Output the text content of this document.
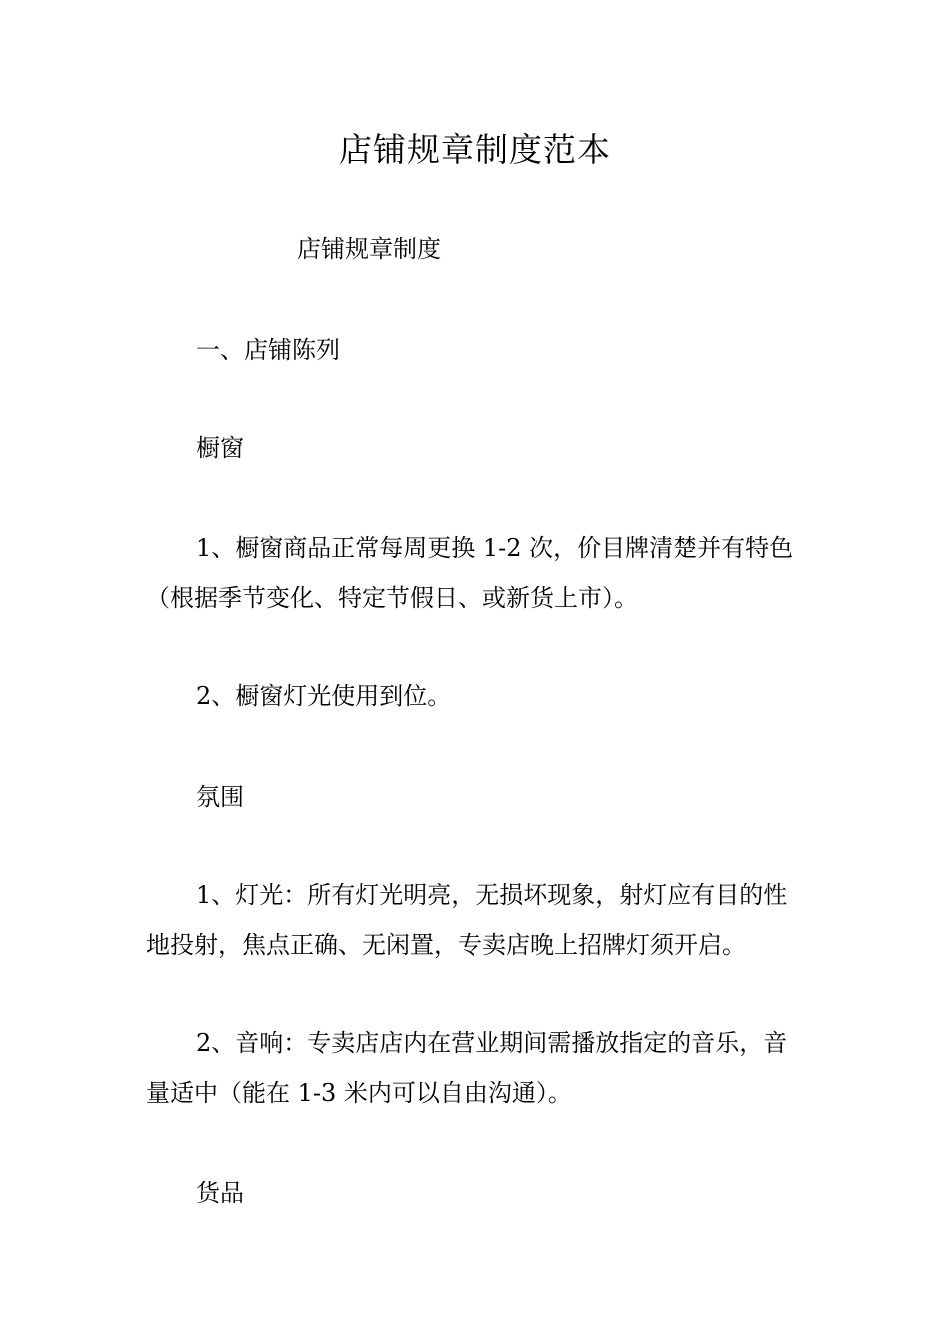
店铺规章制度范本
店铺规章制度

一、店铺陈列

橱窗

1、橱窗商品正常每周更换 1-2 次，价目牌清楚并有特色（根据季节变化、特定节假日、或新货上市）。

2、橱窗灯光使用到位。

氛围

1、灯光：所有灯光明亮，无损坏现象，射灯应有目的性地投射，焦点正确、无闲置，专卖店晚上招牌灯须开启。

2、音响：专卖店店内在营业期间需播放指定的音乐，音量适中（能在 1-3 米内可以自由沟通）。

货品
